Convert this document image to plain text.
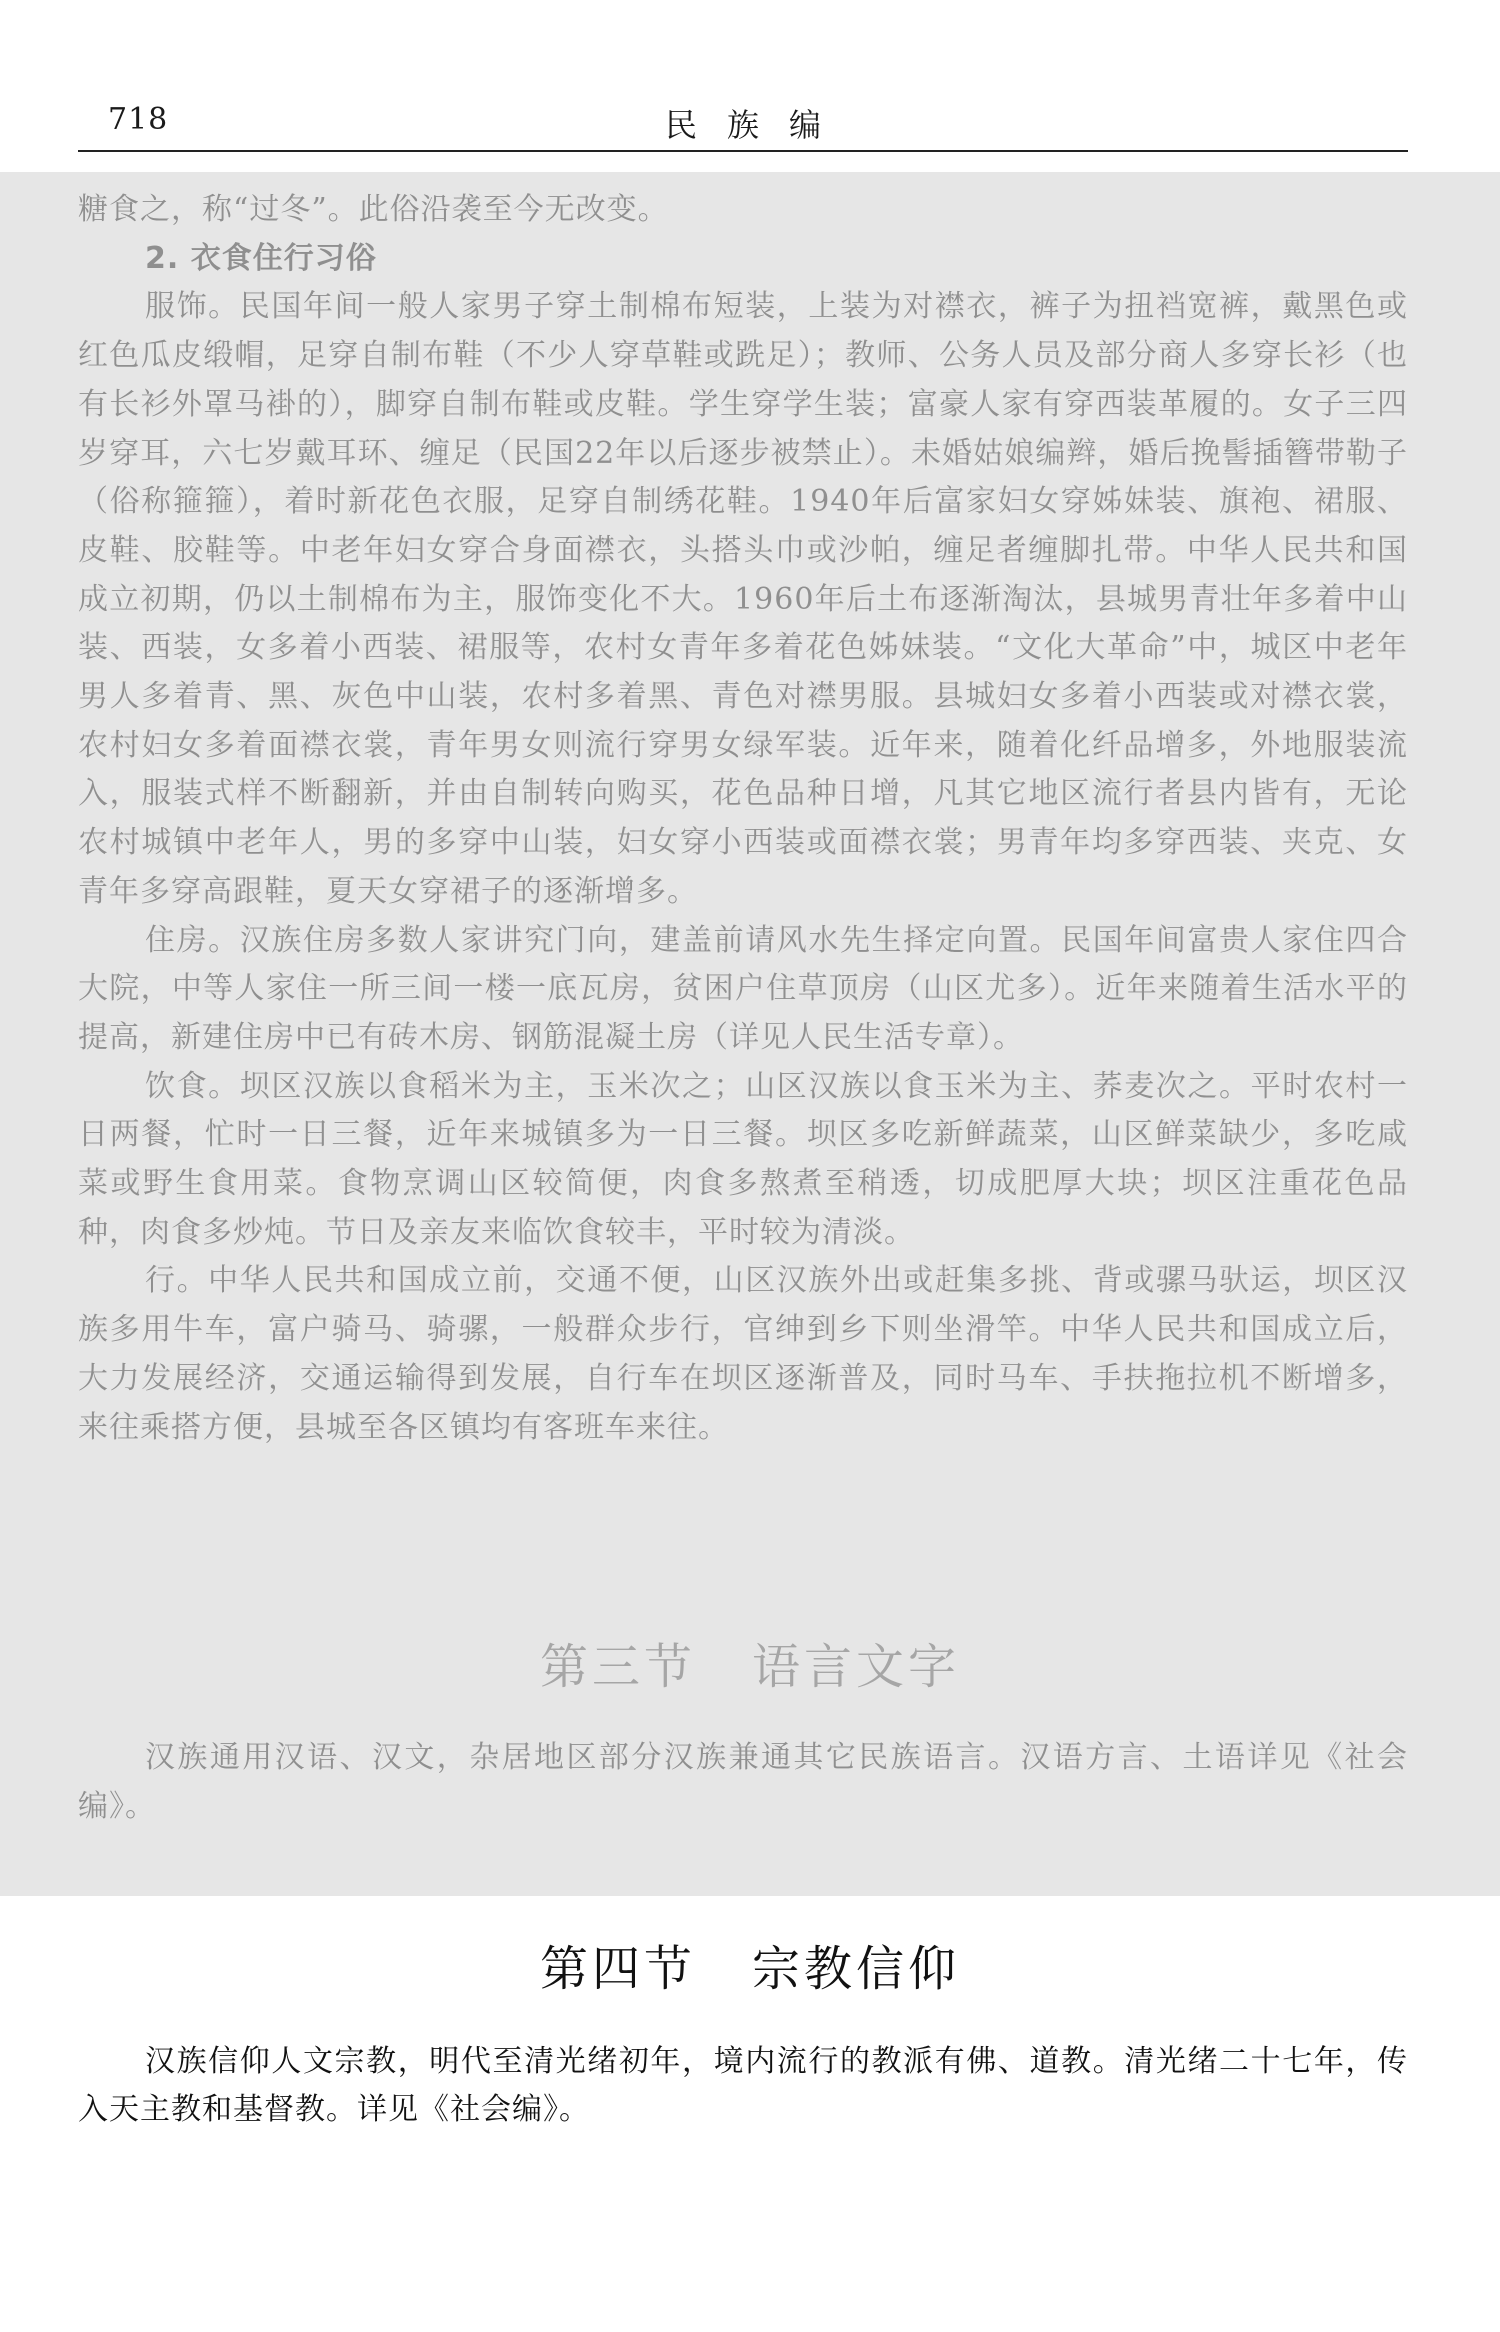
718	民族编

糖食之，称“过冬”。此俗沿袭至今无改变。

2. 衣食住行习俗

服饰。民国年间一般人家男子穿土制棉布短装，上装为对襟衣，裤子为扭裆宽裤，戴黑色或红色瓜皮缎帽，足穿自制布鞋（不少人穿草鞋或跣足）；教师、公务人员及部分商人多穿长衫（也有长衫外罩马褂的），脚穿自制布鞋或皮鞋。学生穿学生装；富豪人家有穿西装革履的。女子三四岁穿耳，六七岁戴耳环、缠足（民国22年以后逐步被禁止）。未婚姑娘编辫，婚后挽髻插簪带勒子（俗称箍箍），着时新花色衣服，足穿自制绣花鞋。1940年后富家妇女穿姊妹装、旗袍、裙服、皮鞋、胶鞋等。中老年妇女穿合身面襟衣，头搭头巾或沙帕，缠足者缠脚扎带。中华人民共和国成立初期，仍以土制棉布为主，服饰变化不大。1960年后土布逐渐淘汰，县城男青壮年多着中山装、西装，女多着小西装、裙服等，农村女青年多着花色姊妹装。“文化大革命”中，城区中老年男人多着青、黑、灰色中山装，农村多着黑、青色对襟男服。县城妇女多着小西装或对襟衣裳，农村妇女多着面襟衣裳，青年男女则流行穿男女绿军装。近年来，随着化纤品增多，外地服装流入，服装式样不断翻新，并由自制转向购买，花色品种日增，凡其它地区流行者县内皆有，无论农村城镇中老年人，男的多穿中山装，妇女穿小西装或面襟衣裳；男青年均多穿西装、夹克、女青年多穿高跟鞋，夏天女穿裙子的逐渐增多。

住房。汉族住房多数人家讲究门向，建盖前请风水先生择定向置。民国年间富贵人家住四合大院，中等人家住一所三间一楼一底瓦房，贫困户住草顶房（山区尤多）。近年来随着生活水平的提高，新建住房中已有砖木房、钢筋混凝土房（详见人民生活专章）。

饮食。坝区汉族以食稻米为主，玉米次之；山区汉族以食玉米为主、荞麦次之。平时农村一日两餐，忙时一日三餐，近年来城镇多为一日三餐。坝区多吃新鲜蔬菜，山区鲜菜缺少，多吃咸菜或野生食用菜。食物烹调山区较简便，肉食多熬煮至稍透，切成肥厚大块；坝区注重花色品种，肉食多炒炖。节日及亲友来临饮食较丰，平时较为清淡。

行。中华人民共和国成立前，交通不便，山区汉族外出或赶集多挑、背或骡马驮运，坝区汉族多用牛车，富户骑马、骑骡，一般群众步行，官绅到乡下则坐滑竿。中华人民共和国成立后，大力发展经济，交通运输得到发展，自行车在坝区逐渐普及，同时马车、手扶拖拉机不断增多，来往乘搭方便，县城至各区镇均有客班车来往。

第三节 语言文字

汉族通用汉语、汉文，杂居地区部分汉族兼通其它民族语言。汉语方言、土语详见《社会编》。

第四节 宗教信仰

汉族信仰人文宗教，明代至清光绪初年，境内流行的教派有佛、道教。清光绪二十七年，传入天主教和基督教。详见《社会编》。
